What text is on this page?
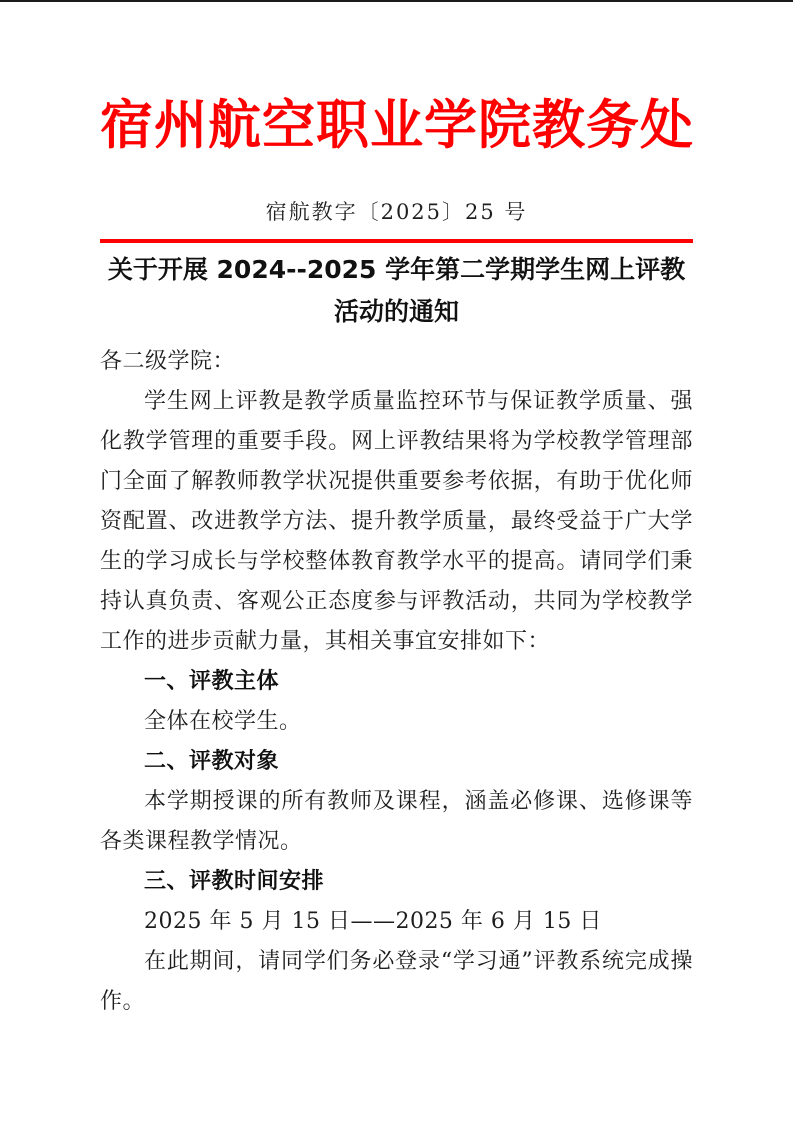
宿州航空职业学院教务处
宿航教字〔2025〕25 号
关于开展 2024--2025 学年第二学期学生网上评教
活动的通知

各二级学院：

学生网上评教是教学质量监控环节与保证教学质量、强化教学管理的重要手段。网上评教结果将为学校教学管理部门全面了解教师教学状况提供重要参考依据，有助于优化师资配置、改进教学方法、提升教学质量，最终受益于广大学生的学习成长与学校整体教育教学水平的提高。请同学们秉持认真负责、客观公正态度参与评教活动，共同为学校教学工作的进步贡献力量，其相关事宜安排如下：

一、评教主体

全体在校学生。

二、评教对象

本学期授课的所有教师及课程，涵盖必修课、选修课等各类课程教学情况。

三、评教时间安排

2025 年 5 月 15 日——2025 年 6 月 15 日

在此期间，请同学们务必登录“学习通”评教系统完成操作。
